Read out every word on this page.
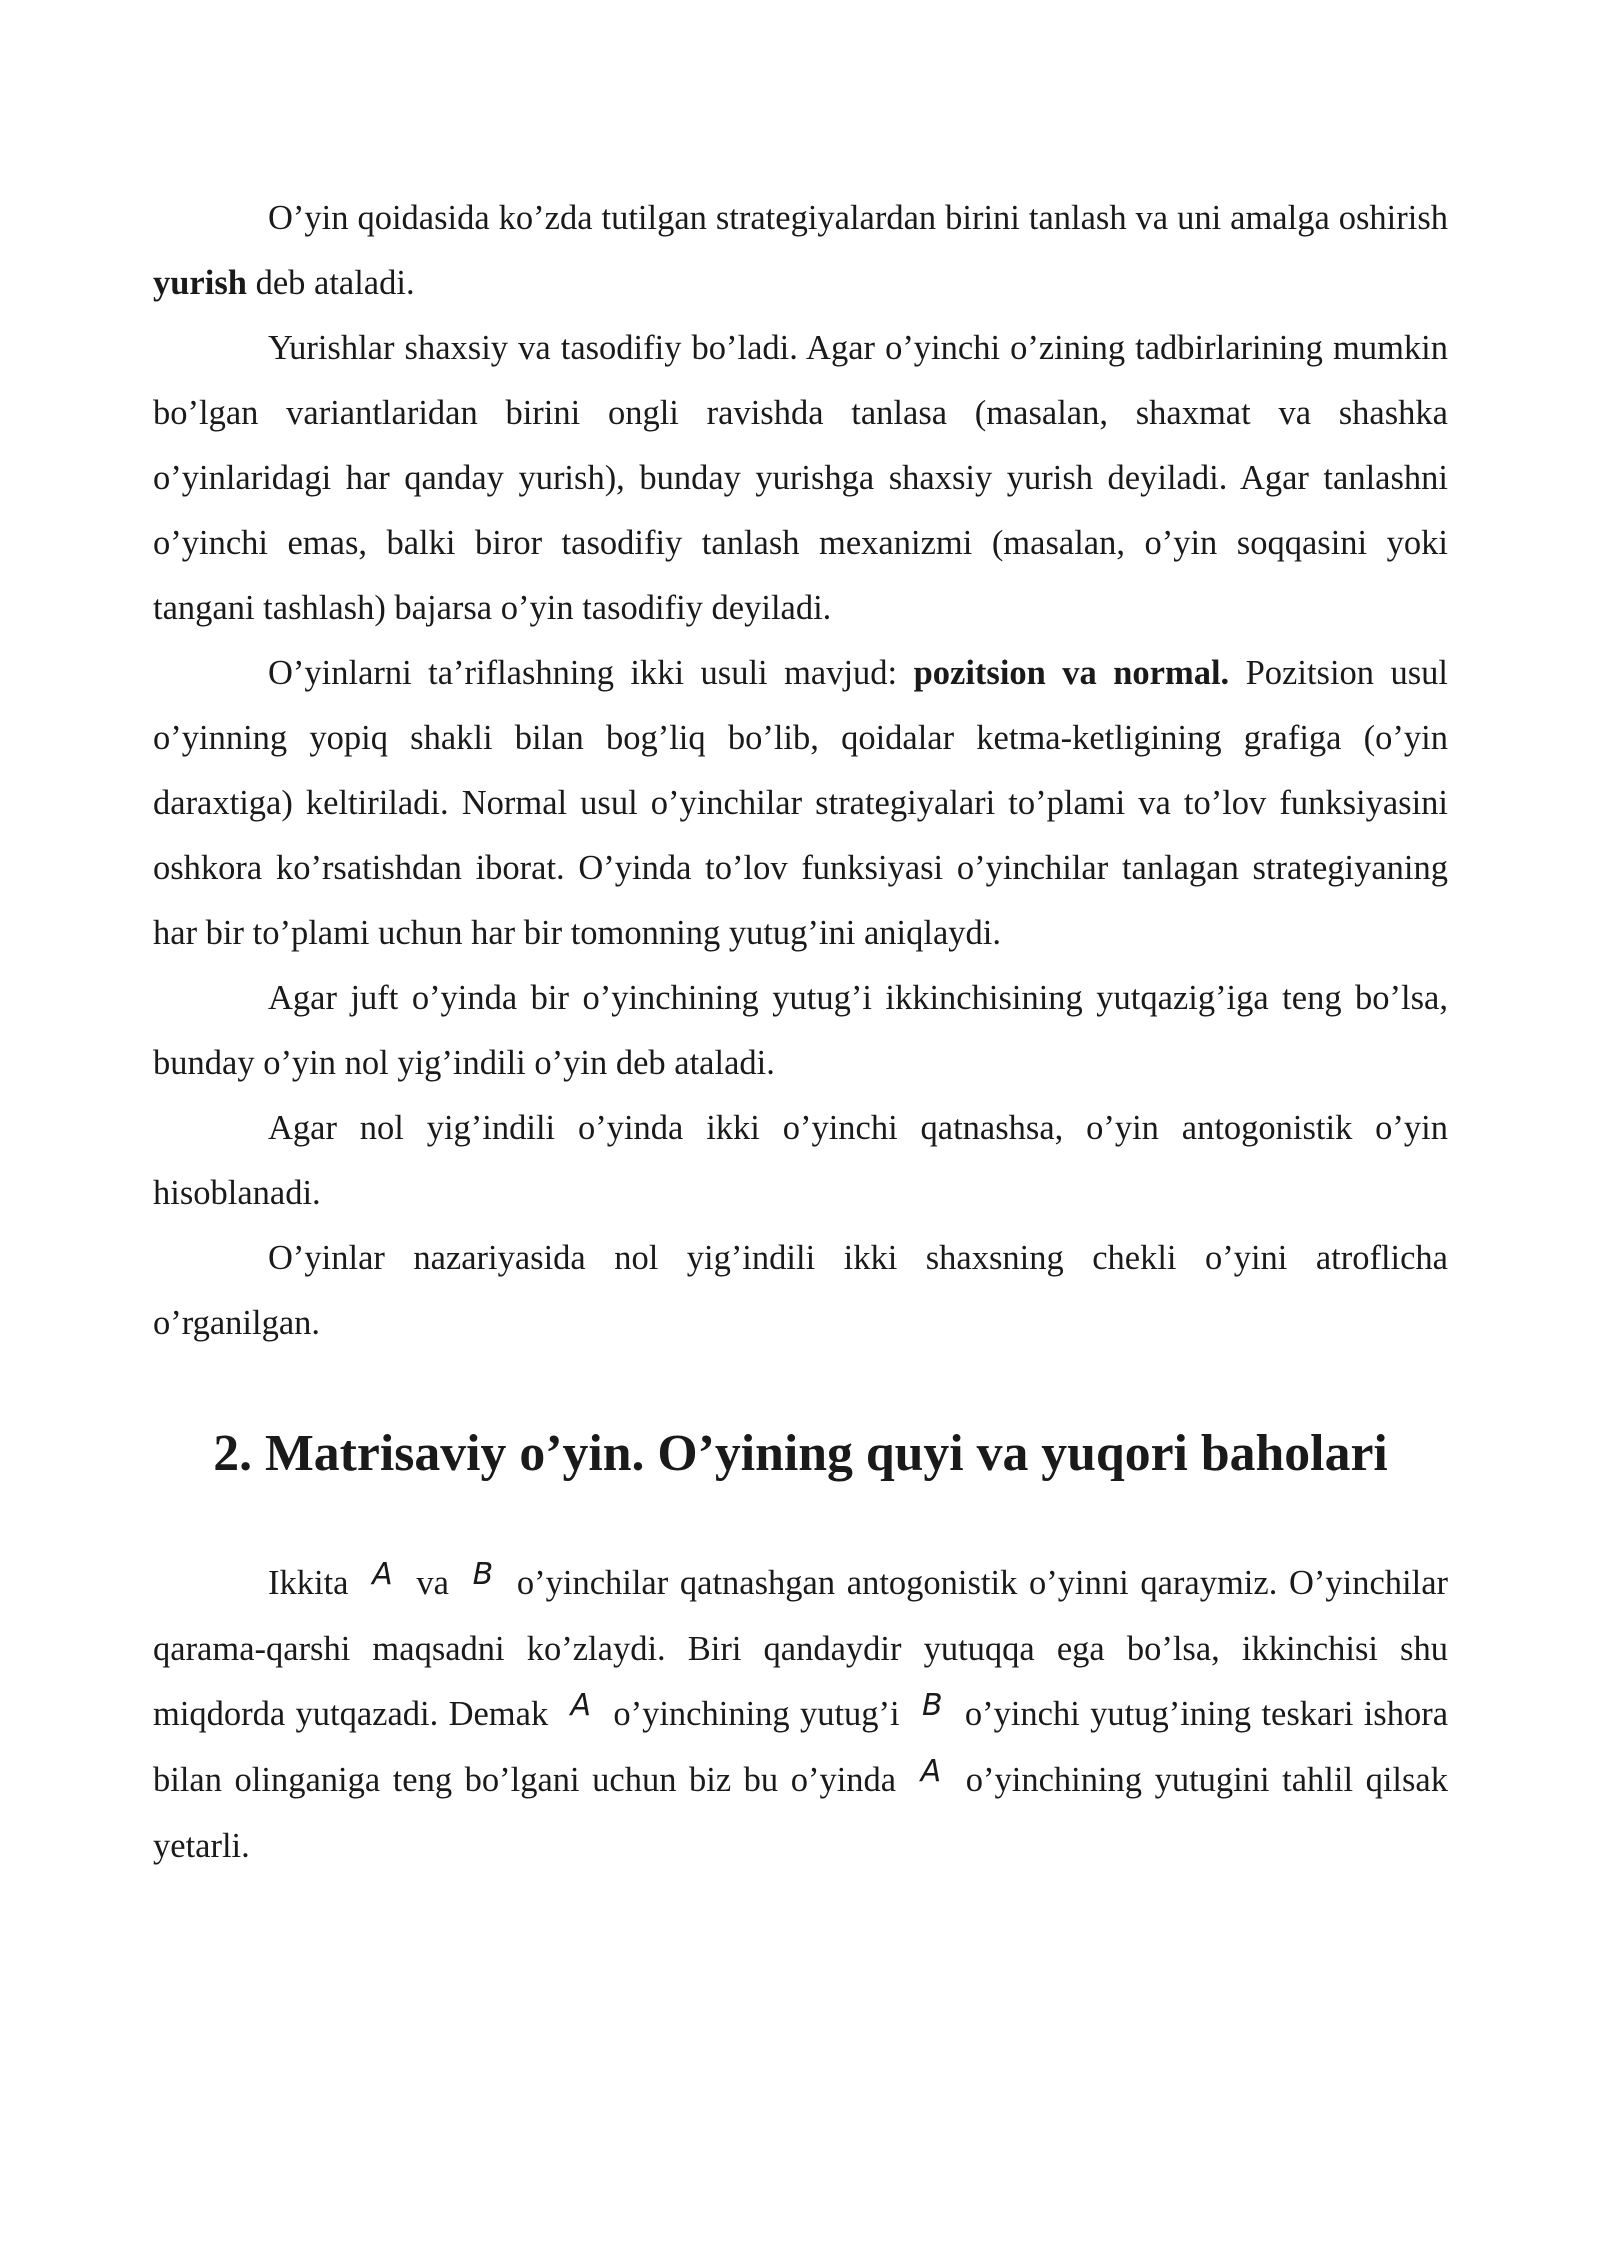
O’yin qoidasida ko’zda tutilgan strategiyalardan birini tanlash va uni amalga oshirish yurish deb ataladi.

Yurishlar shaxsiy va tasodifiy bo’ladi. Agar o’yinchi o’zining tadbirlarining mumkin bo’lgan variantlaridan birini ongli ravishda tanlasa (masalan, shaxmat va shashka o’yinlaridagi har qanday yurish), bunday yurishga shaxsiy yurish deyiladi. Agar tanlashni o’yinchi emas, balki biror tasodifiy tanlash mexanizmi (masalan, o’yin soqqasini yoki tangani tashlash) bajarsa o’yin tasodifiy deyiladi.

O’yinlarni ta’riflashning ikki usuli mavjud: pozitsion va normal. Pozitsion usul o’yinning yopiq shakli bilan bog’liq bo’lib, qoidalar ketma-ketligining grafiga (o’yin daraxtiga) keltiriladi. Normal usul o’yinchilar strategiyalari to’plami va to’lov funksiyasini oshkora ko’rsatishdan iborat. O’yinda to’lov funksiyasi o’yinchilar tanlagan strategiyaning har bir to’plami uchun har bir tomonning yutug’ini aniqlaydi.

Agar juft o’yinda bir o’yinchining yutug’i ikkinchisining yutqazig’iga teng bo’lsa, bunday o’yin nol yig’indili o’yin deb ataladi.

Agar nol yig’indili o’yinda ikki o’yinchi qatnashsa, o’yin antogonistik o’yin hisoblanadi.

O’yinlar nazariyasida nol yig’indili ikki shaxsning chekli o’yini atroflicha o’rganilgan.

2. Matrisaviy o’yin. O’yining quyi va yuqori baholari

Ikkita A va B o’yinchilar qatnashgan antogonistik o’yinni qaraymiz. O’yinchilar qarama-qarshi maqsadni ko’zlaydi. Biri qandaydir yutuqqa ega bo’lsa, ikkinchisi shu miqdorda yutqazadi. Demak A o’yinchining yutug’i B o’yinchi yutug’ining teskari ishora bilan olinganiga teng bo’lgani uchun biz bu o’yinda A o’yinchining yutugini tahlil qilsak yetarli.
